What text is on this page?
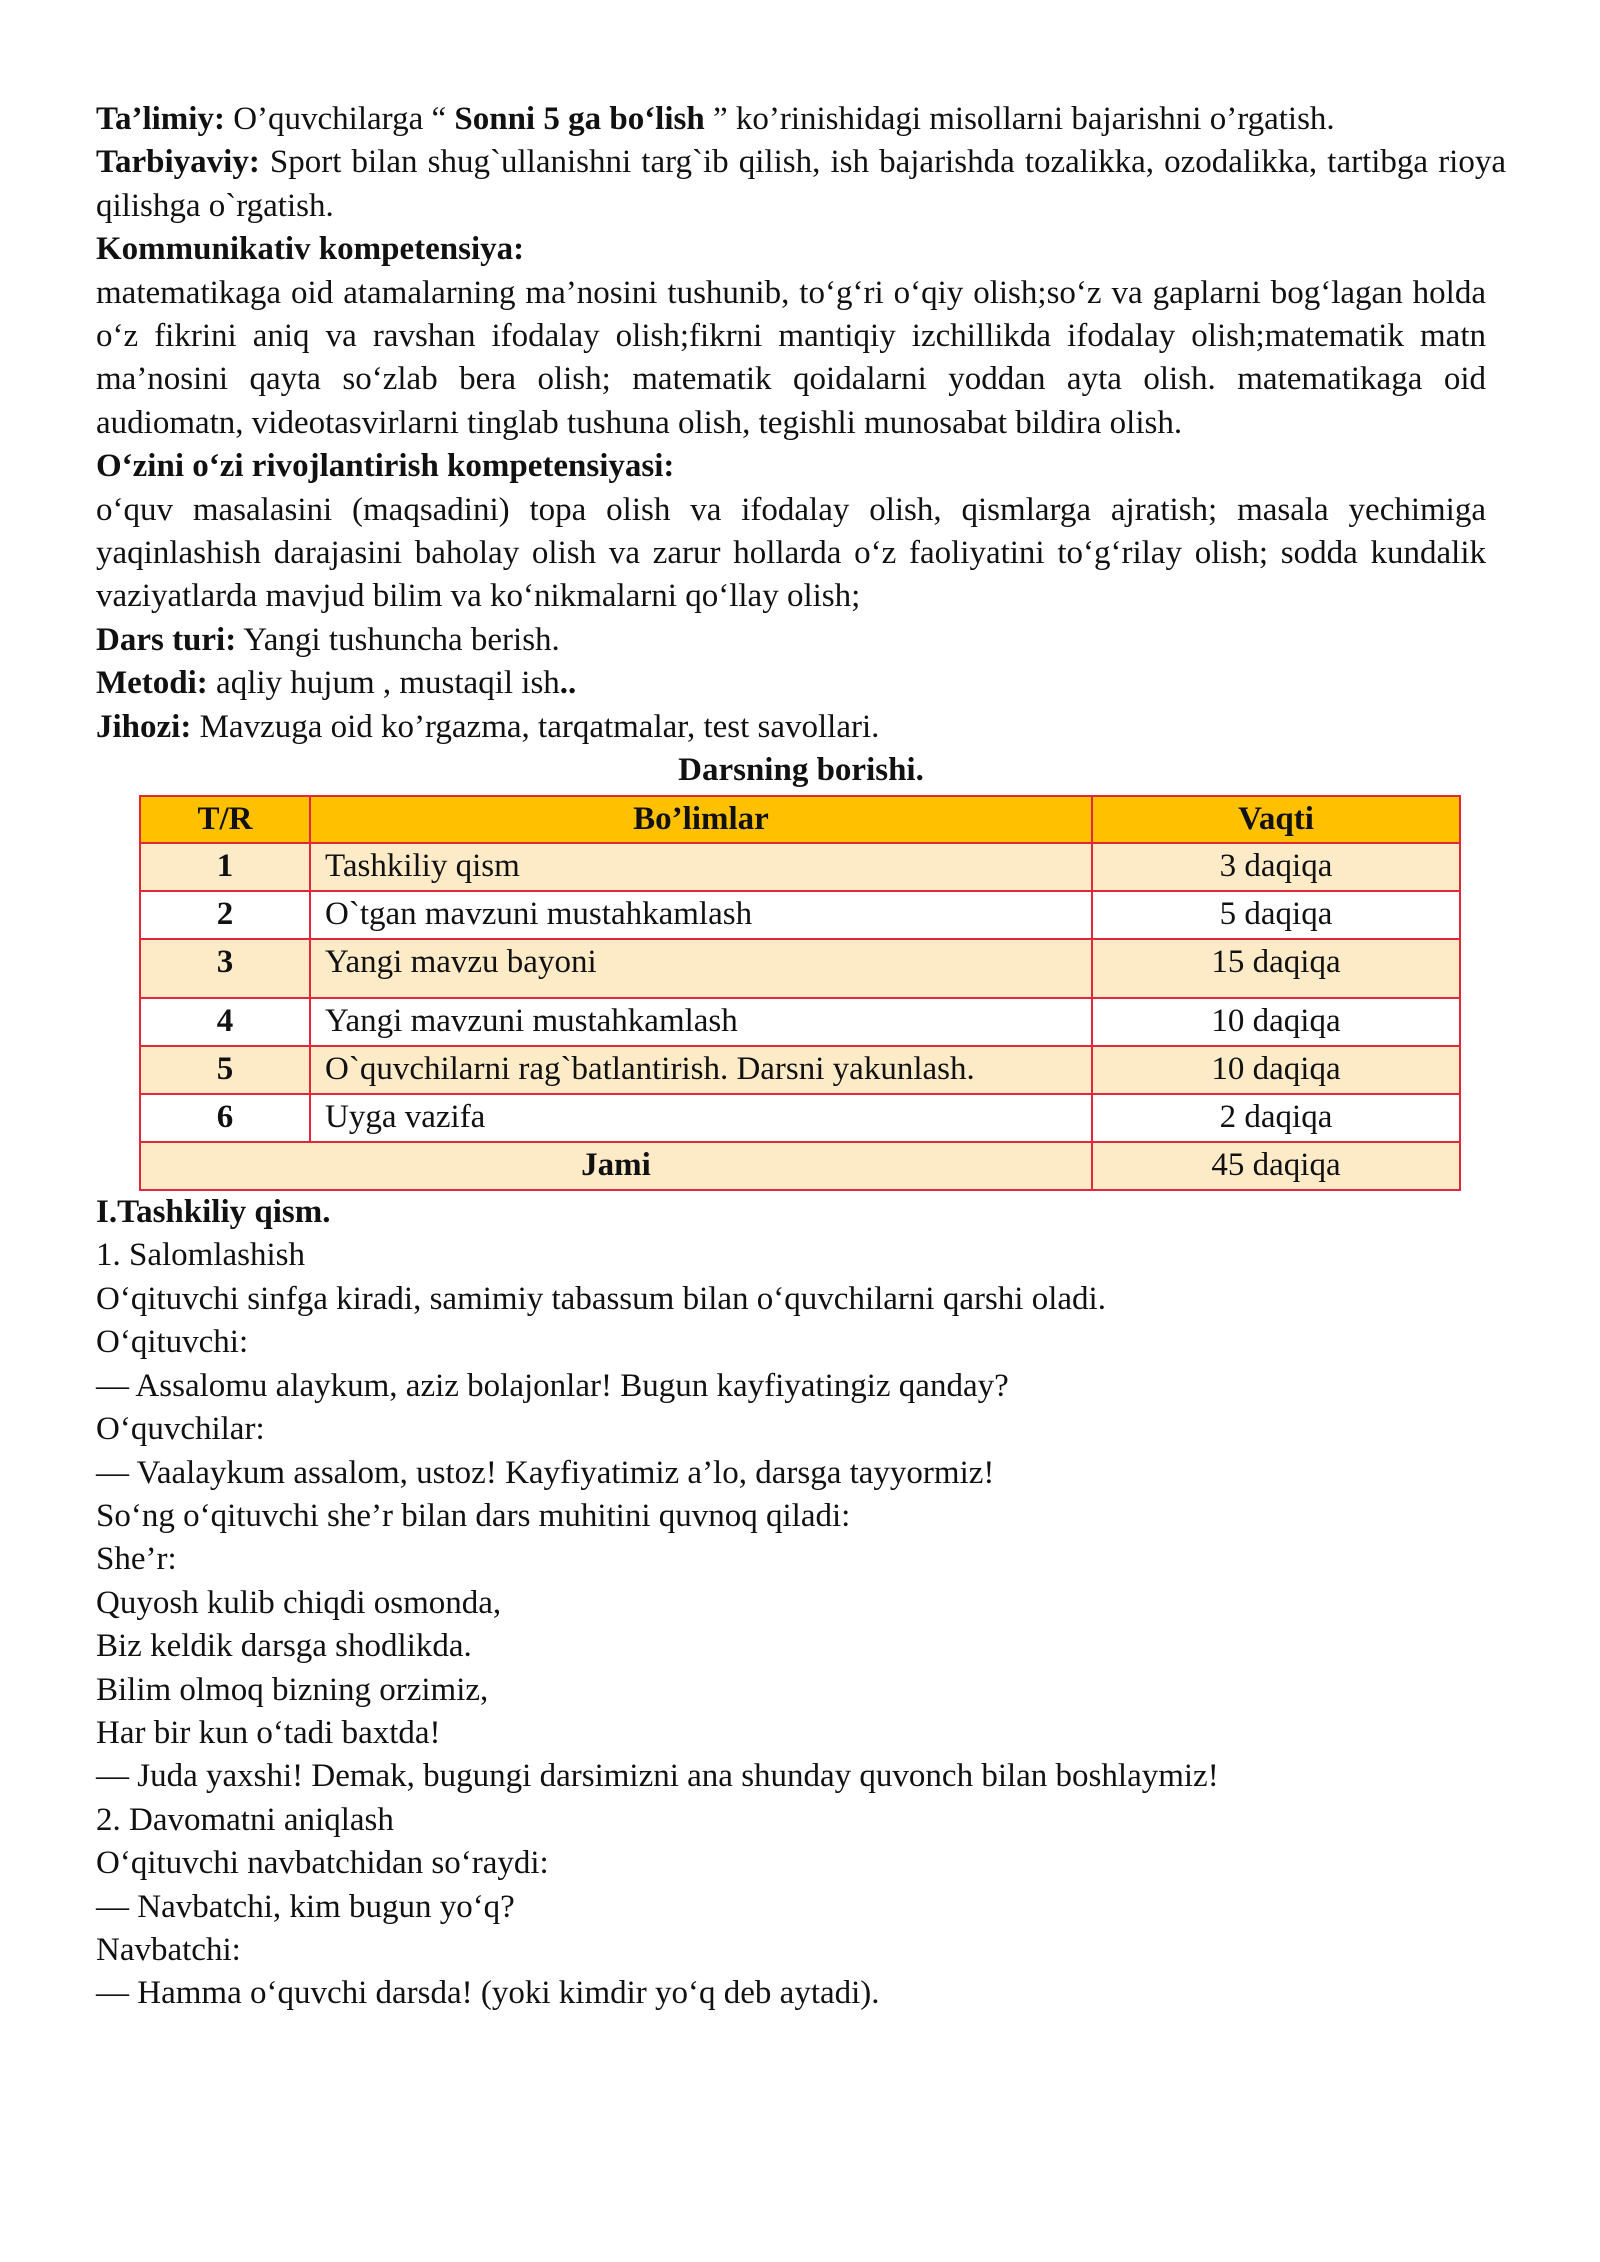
Ta’limiy: O’quvchilarga “ Sonni 5 ga bo‘lish ” ko’rinishidagi misollarni bajarishni o’rgatish.

Tarbiyaviy: Sport bilan shug`ullanishni targ`ib qilish, ish bajarishda tozalikka, ozodalikka, tartibga rioya qilishga o`rgatish.

Kommunikativ kompetensiya:

matematikaga oid atamalarning ma’nosini tushunib, to‘g‘ri o‘qiy olish;so‘z va gaplarni bog‘lagan holda o‘z fikrini aniq va ravshan ifodalay olish;fikrni mantiqiy izchillikda ifodalay olish;matematik matn ma’nosini qayta so‘zlab bera olish; matematik qoidalarni yoddan ayta olish. matematikaga oid audiomatn, videotasvirlarni tinglab tushuna olish, tegishli munosabat bildira olish.

O‘zini o‘zi rivojlantirish kompetensiyasi:

o‘quv masalasini (maqsadini) topa olish va ifodalay olish, qismlarga ajratish; masala yechimiga yaqinlashish darajasini baholay olish va zarur hollarda o‘z faoliyatini to‘g‘rilay olish; sodda kundalik vaziyatlarda mavjud bilim va ko‘nikmalarni qo‘llay olish;

Dars turi: Yangi tushuncha berish.

Metodi: aqliy hujum , mustaqil ish..

Jihozi: Mavzuga oid ko’rgazma, tarqatmalar, test savollari.

Darsning borishi.

T/R	Bo’limlar	Vaqti
1	Tashkiliy qism	3 daqiqa
2	O`tgan mavzuni mustahkamlash	5 daqiqa
3	Yangi mavzu bayoni	15 daqiqa
4	Yangi mavzuni mustahkamlash	10 daqiqa
5	O`quvchilarni rag`batlantirish. Darsni yakunlash.	10 daqiqa
6	Uyga vazifa	2 daqiqa
Jami		45 daqiqa

I.Tashkiliy qism.

1. Salomlashish

O‘qituvchi sinfga kiradi, samimiy tabassum bilan o‘quvchilarni qarshi oladi.

O‘qituvchi:

— Assalomu alaykum, aziz bolajonlar! Bugun kayfiyatingiz qanday?

O‘quvchilar:

— Vaalaykum assalom, ustoz! Kayfiyatimiz a’lo, darsga tayyormiz!

So‘ng o‘qituvchi she’r bilan dars muhitini quvnoq qiladi:

She’r:

Quyosh kulib chiqdi osmonda,

Biz keldik darsga shodlikda.

Bilim olmoq bizning orzimiz,

Har bir kun o‘tadi baxtda!

— Juda yaxshi! Demak, bugungi darsimizni ana shunday quvonch bilan boshlaymiz!

2. Davomatni aniqlash

O‘qituvchi navbatchidan so‘raydi:

— Navbatchi, kim bugun yo‘q?

Navbatchi:

— Hamma o‘quvchi darsda! (yoki kimdir yo‘q deb aytadi).
